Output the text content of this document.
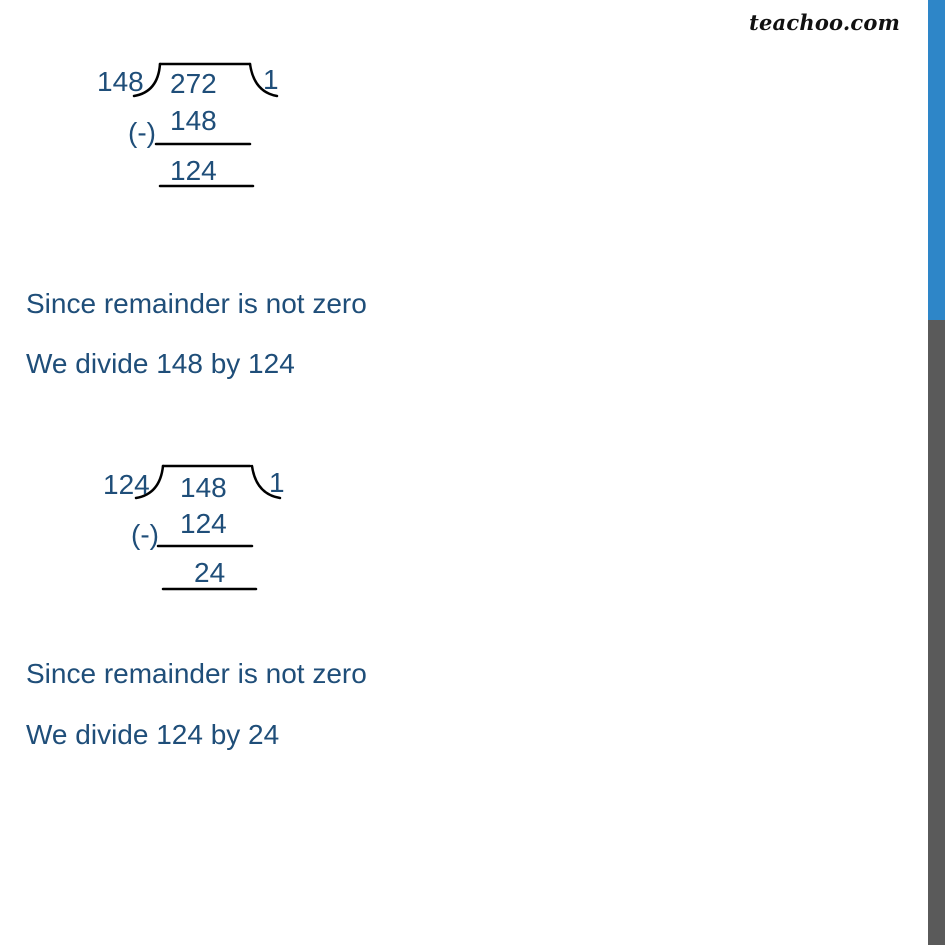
teachoo.com
148 272 1
(-) 148
124
Since remainder is not zero
We divide 148 by 124
124 148 1
(-) 124
24
Since remainder is not zero
We divide 124 by 24
